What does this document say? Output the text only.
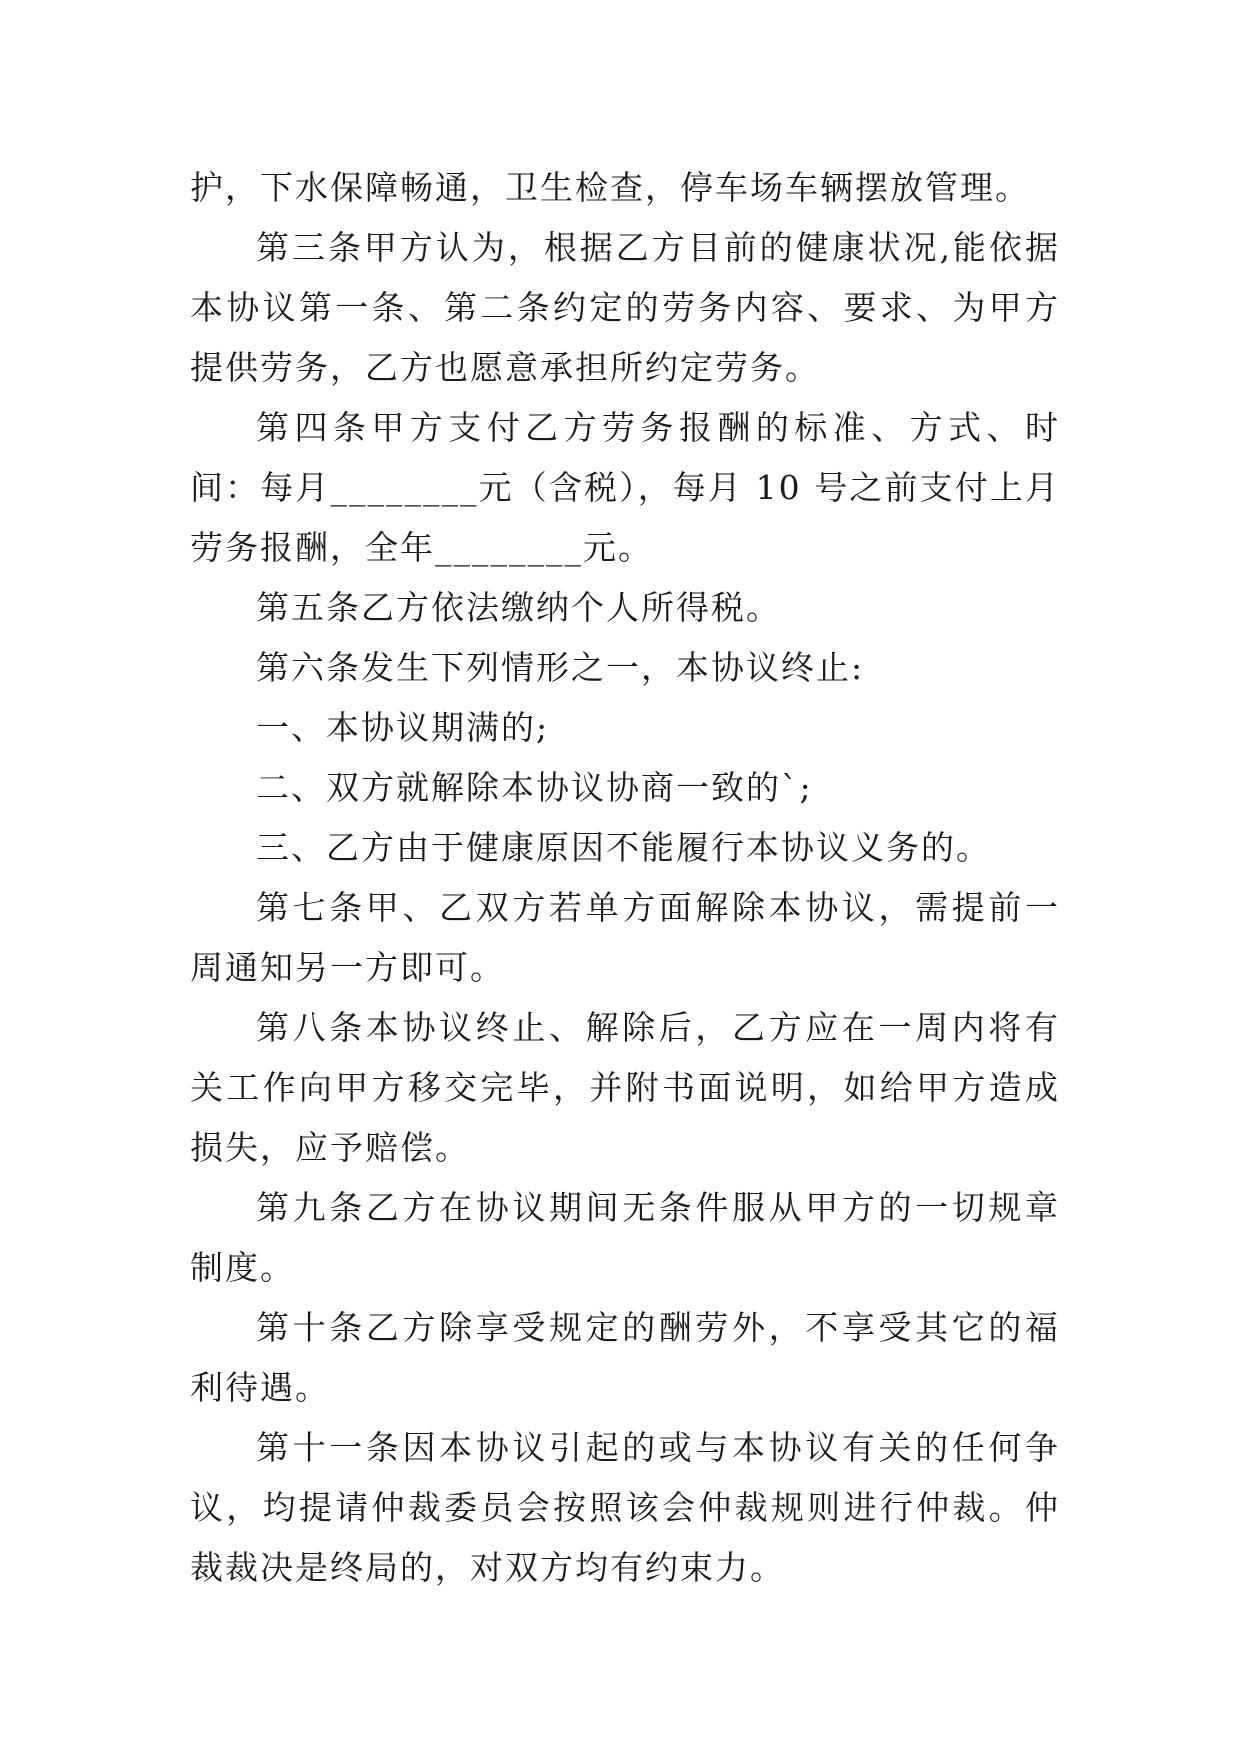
护，下水保障畅通，卫生检查，停车场车辆摆放管理。

第三条甲方认为，根据乙方目前的健康状况,能依据本协议第一条、第二条约定的劳务内容、要求、为甲方提供劳务，乙方也愿意承担所约定劳务。

第四条甲方支付乙方劳务报酬的标准、方式、时间：每月________元（含税），每月 10 号之前支付上月劳务报酬，全年________元。

第五条乙方依法缴纳个人所得税。

第六条发生下列情形之一，本协议终止:

一、本协议期满的;

二、双方就解除本协议协商一致的`;

三、乙方由于健康原因不能履行本协议义务的。

第七条甲、乙双方若单方面解除本协议，需提前一周通知另一方即可。

第八条本协议终止、解除后，乙方应在一周内将有关工作向甲方移交完毕，并附书面说明，如给甲方造成损失，应予赔偿。

第九条乙方在协议期间无条件服从甲方的一切规章制度。

第十条乙方除享受规定的酬劳外，不享受其它的福利待遇。

第十一条因本协议引起的或与本协议有关的任何争议，均提请仲裁委员会按照该会仲裁规则进行仲裁。仲裁裁决是终局的，对双方均有约束力。
